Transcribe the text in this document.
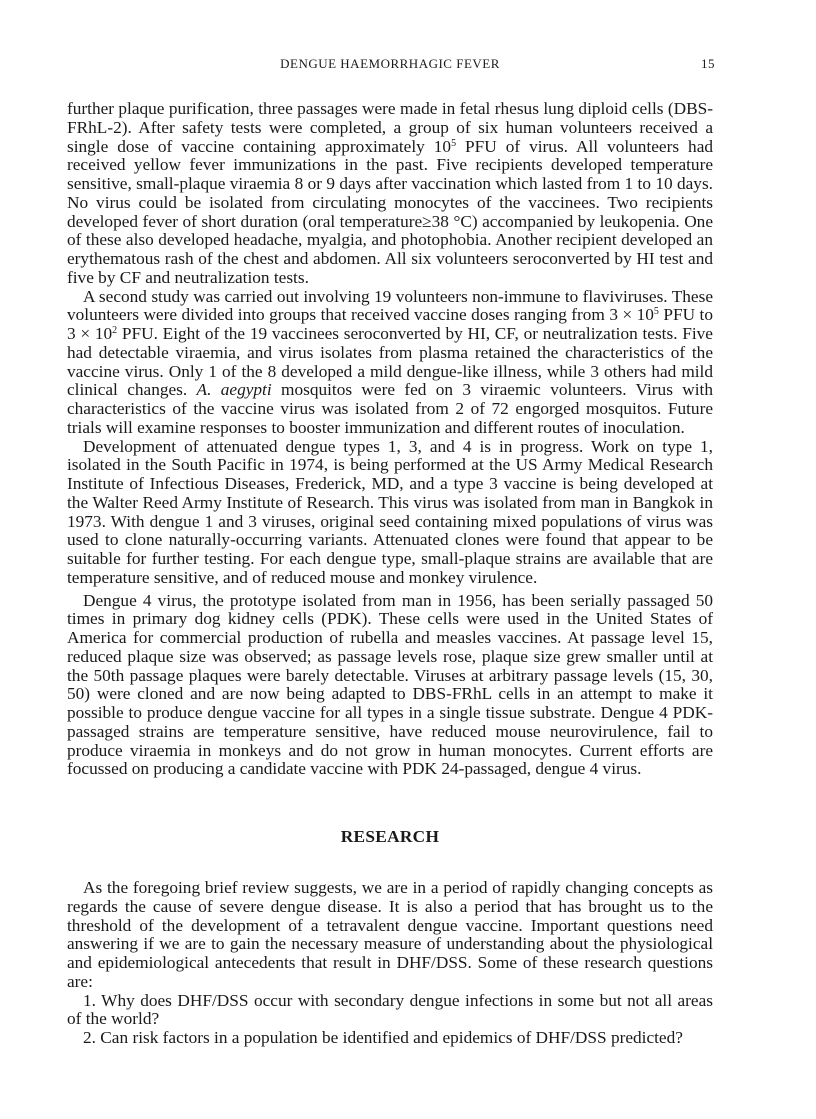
DENGUE HAEMORRHAGIC FEVER	15

further plaque purification, three passages were made in fetal rhesus lung diploid cells (DBS-FRhL-2). After safety tests were completed, a group of six human volunteers received a single dose of vaccine containing approximately $10^5$ PFU of virus. All volunteers had received yellow fever immunizations in the past. Five recipients developed temperature sensitive, small-plaque viraemia 8 or 9 days after vaccination which lasted from 1 to 10 days. No virus could be isolated from circulating monocytes of the vaccinees. Two recipients developed fever of short duration (oral temperature≥38 °C) accompanied by leukopenia. One of these also developed headache, myalgia, and photophobia. Another recipient developed an erythematous rash of the chest and abdomen. All six volunteers seroconverted by HI test and five by CF and neutralization tests.

A second study was carried out involving 19 volunteers non-immune to flaviviruses. These volunteers were divided into groups that received vaccine doses ranging from $3 \times 10^5$ PFU to $3 \times 10^2$ PFU. Eight of the 19 vaccinees seroconverted by HI, CF, or neutralization tests. Five had detectable viraemia, and virus isolates from plasma retained the characteristics of the vaccine virus. Only 1 of the 8 developed a mild dengue-like illness, while 3 others had mild clinical changes. A. aegypti mosquitos were fed on 3 viraemic volunteers. Virus with characteristics of the vaccine virus was isolated from 2 of 72 engorged mosquitos. Future trials will examine responses to booster immunization and different routes of inoculation.

Development of attenuated dengue types 1, 3, and 4 is in progress. Work on type 1, isolated in the South Pacific in 1974, is being performed at the US Army Medical Research Institute of Infectious Diseases, Frederick, MD, and a type 3 vaccine is being developed at the Walter Reed Army Institute of Research. This virus was isolated from man in Bangkok in 1973. With dengue 1 and 3 viruses, original seed containing mixed populations of virus was used to clone naturally-occurring variants. Attenuated clones were found that appear to be suitable for further testing. For each dengue type, small-plaque strains are available that are temperature sensitive, and of reduced mouse and monkey virulence.

Dengue 4 virus, the prototype isolated from man in 1956, has been serially passaged 50 times in primary dog kidney cells (PDK). These cells were used in the United States of America for commercial production of rubella and measles vaccines. At passage level 15, reduced plaque size was observed; as passage levels rose, plaque size grew smaller until at the 50th passage plaques were barely detectable. Viruses at arbitrary passage levels (15, 30, 50) were cloned and are now being adapted to DBS-FRhL cells in an attempt to make it possible to produce dengue vaccine for all types in a single tissue substrate. Dengue 4 PDK-passaged strains are temperature sensitive, have reduced mouse neurovirulence, fail to produce viraemia in monkeys and do not grow in human monocytes. Current efforts are focussed on producing a candidate vaccine with PDK 24-passaged, dengue 4 virus.

RESEARCH

As the foregoing brief review suggests, we are in a period of rapidly changing concepts as regards the cause of severe dengue disease. It is also a period that has brought us to the threshold of the development of a tetravalent dengue vaccine. Important questions need answering if we are to gain the necessary measure of understanding about the physiological and epidemiological antecedents that result in DHF/DSS. Some of these research questions are:

1. Why does DHF/DSS occur with secondary dengue infections in some but not all areas of the world?

2. Can risk factors in a population be identified and epidemics of DHF/DSS predicted?
